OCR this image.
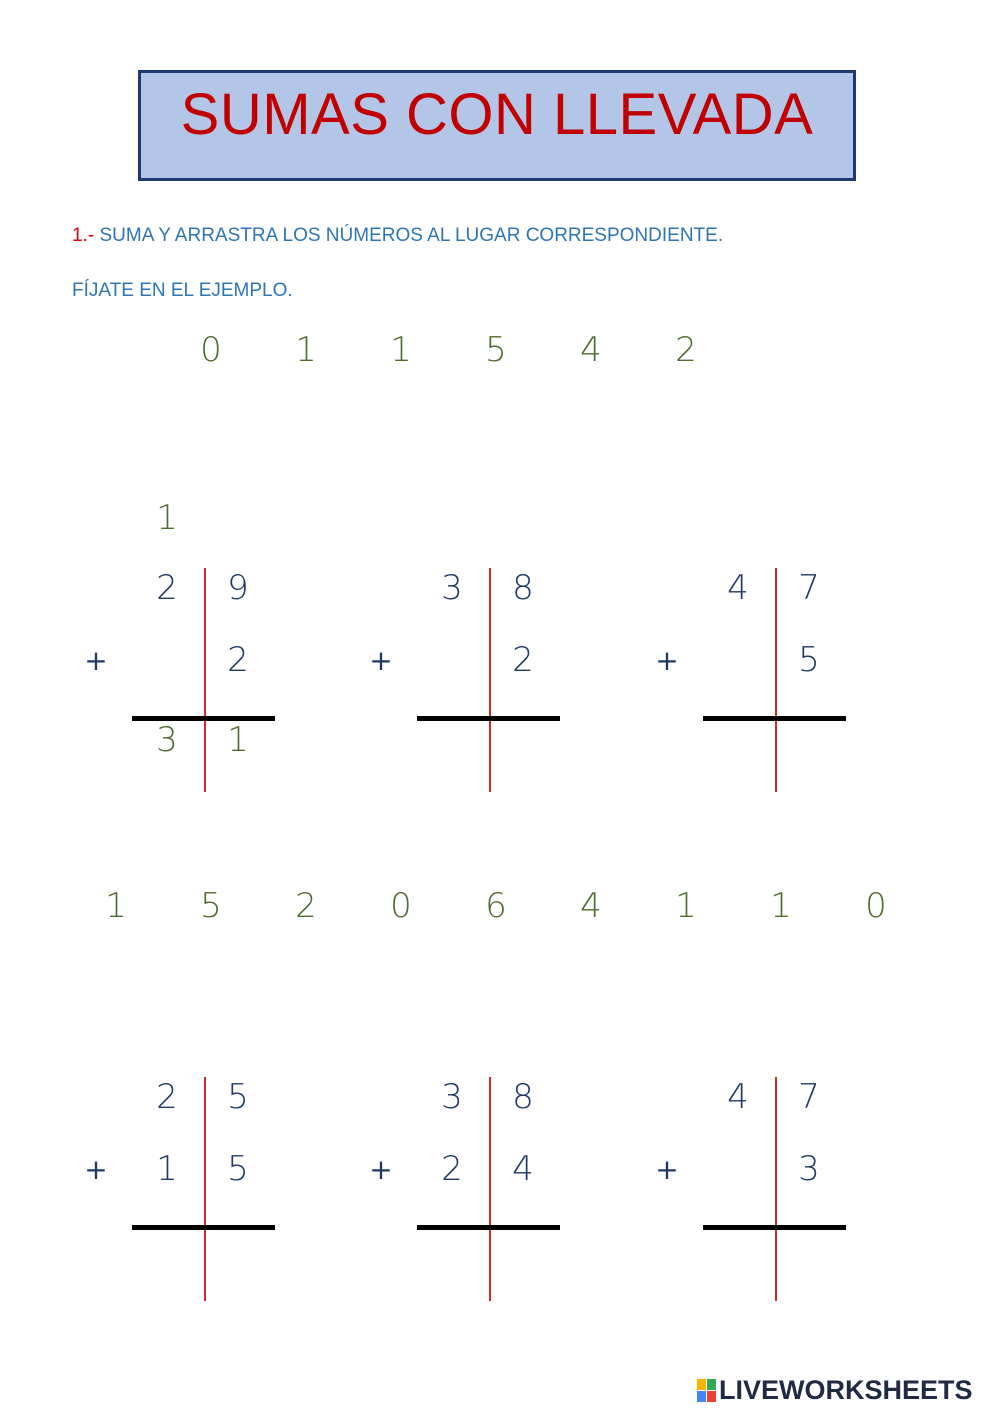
SUMAS CON LLEVADA
1.- SUMA Y ARRASTRA LOS NÚMEROS AL LUGAR CORRESPONDIENTE.
FÍJATE EN EL EJEMPLO.
0 1 1 5 4 2
1
2 9
+	2
3 1
3 8
+	2
4 7
+	5
1 5 2 0 6 4 1 1 0
2 5
+ 1 5
3 8
+ 2 4
4 7
+	3
LIVEWORKSHEETS
